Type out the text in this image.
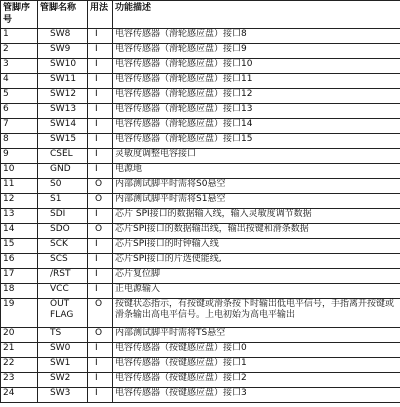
管脚序号	管脚名称	用法	功能描述
1	SW8	I	电容传感器（滑轮感应盘）接口8
2	SW9	I	电容传感器（滑轮感应盘）接口9
3	SW10	I	电容传感器（滑轮感应盘）接口10
4	SW11	I	电容传感器（滑轮感应盘）接口11
5	SW12	I	电容传感器（滑轮感应盘）接口12
6	SW13	I	电容传感器（滑轮感应盘）接口13
7	SW14	I	电容传感器（滑轮感应盘）接口14
8	SW15	I	电容传感器（滑轮感应盘）接口15
9	CSEL	I	灵敏度调整电容接口
10	GND	I	电源地
11	S0	O	内部测试脚平时需将S0悬空
12	S1	O	内部测试脚平时需将S1悬空
13	SDI	I	芯片 SPI接口的数据输入线，输入灵敏度调节数据
14	SDO	O	芯片SPI接口的数据输出线，输出按键和滑条数据
15	SCK	I	芯片SPI接口的时钟输入线
16	SCS	I	芯片SPI接口的片选使能线,
17	/RST	I	芯片复位脚
18	VCC	I	正电源输入
19	OUT FLAG	O	按键状态指示，有按键或滑条按下时输出低电平信号，手指离开按键或滑条输出高电平信号。上电初始为高电平输出
20	TS	O	内部测试脚平时需将TS悬空
21	SW0	I	电容传感器（按键感应盘）接口0
22	SW1	I	电容传感器（按键感应盘）接口1
23	SW2	I	电容传感器（按键感应盘）接口2
24	SW3	I	电容传感器（按键感应盘）接口3
